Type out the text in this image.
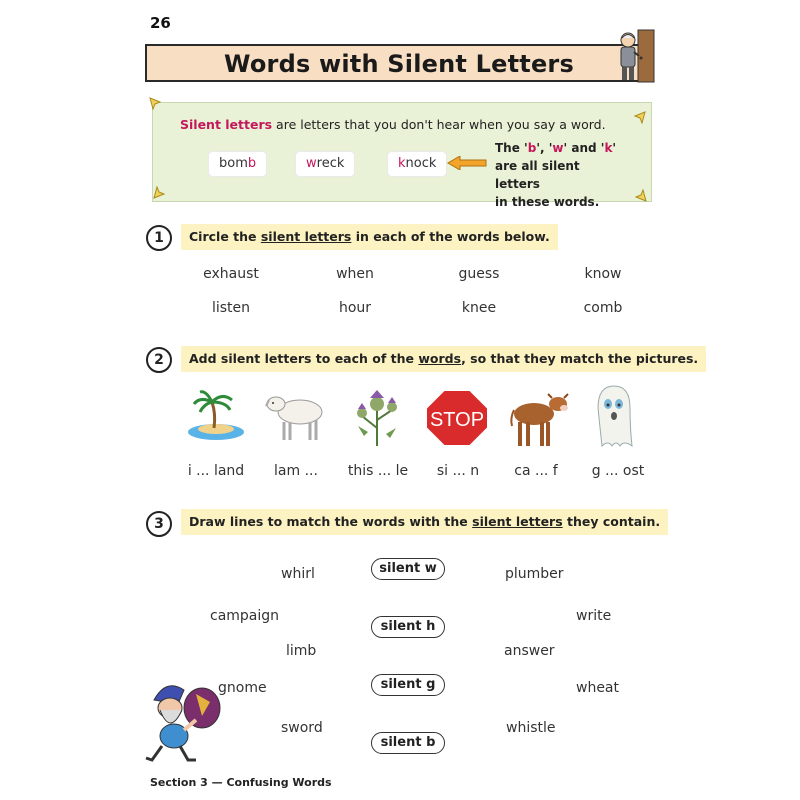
26
Words with Silent Letters
Silent letters are letters that you don't hear when you say a word.
bomb	wreck	knock
The 'b', 'w' and 'k'
are all silent letters
in these words.
1	Circle the silent letters in each of the words below.
exhaust	when	guess	know
listen	hour	knee	comb
2	Add silent letters to each of the words, so that they match the pictures.
STOP
i ... land	lam ...	this ... le	si ... n	ca ... f	g ... ost
3	Draw lines to match the words with the silent letters they contain.
whirl
campaign
limb
gnome
sword
silent w
silent h
silent g
silent b
plumber
write
answer
wheat
whistle
Section 3 — Confusing Words
